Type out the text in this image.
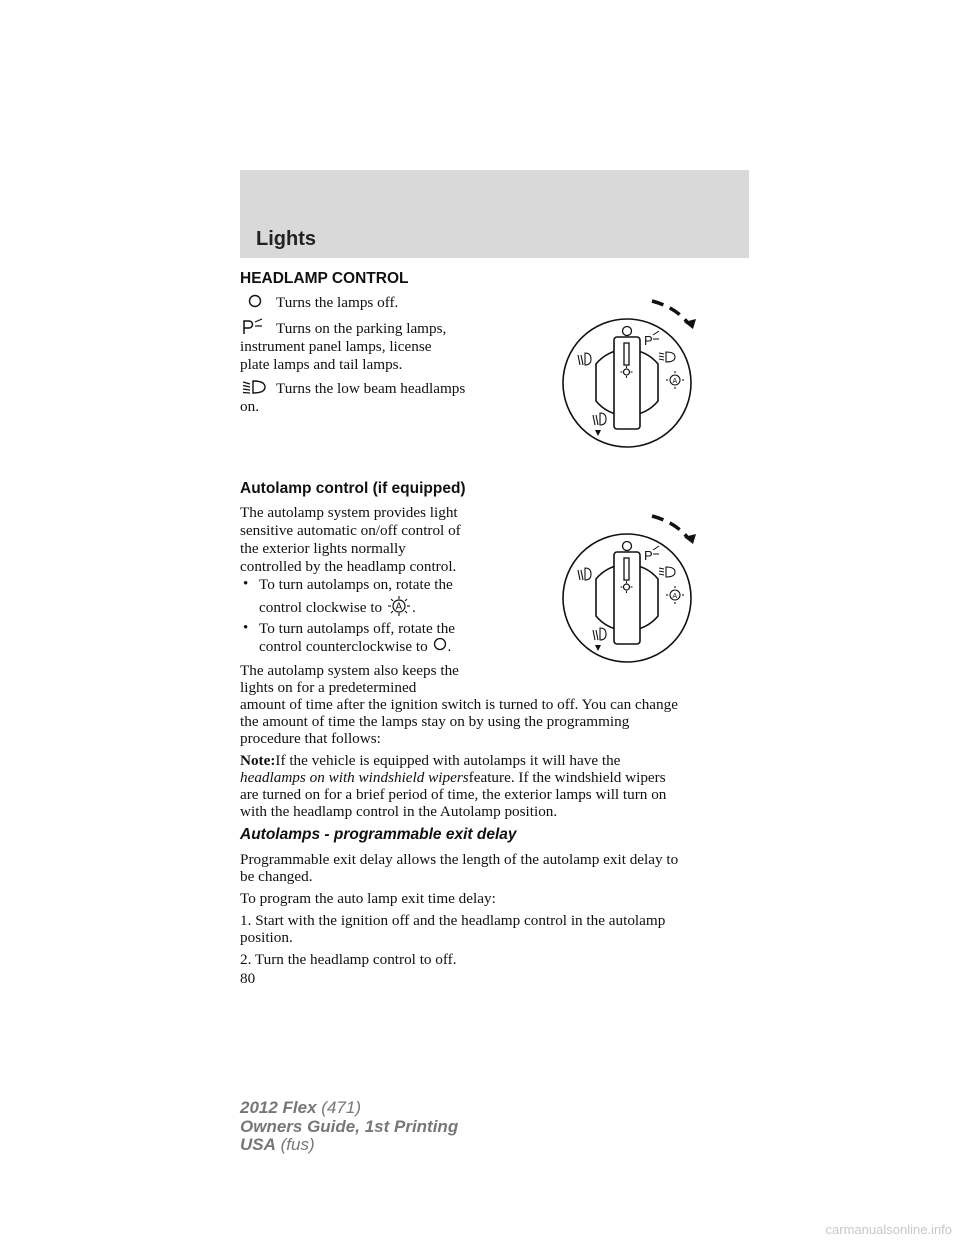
Lights
HEADLAMP CONTROL
Turns the lamps off.
Turns on the parking lamps,
instrument panel lamps, license
plate lamps and tail lamps.
Turns the low beam headlamps
on.
P
A
Autolamp control (if equipped)
The autolamp system provides light
sensitive automatic on/off control of
the exterior lights normally
controlled by the headlamp control.
• To turn autolamps on, rotate the
control clockwise to A .
• To turn autolamps off, rotate the
control counterclockwise to .
The autolamp system also keeps the
lights on for a predetermined
amount of time after the ignition switch is turned to off. You can change
the amount of time the lamps stay on by using the programming
procedure that follows:
Note:If the vehicle is equipped with autolamps it will have the
headlamps on with windshield wipersfeature. If the windshield wipers
are turned on for a brief period of time, the exterior lamps will turn on
with the headlamp control in the Autolamp position.
P
A
Autolamps - programmable exit delay
Programmable exit delay allows the length of the autolamp exit delay to
be changed.
To program the auto lamp exit time delay:
1. Start with the ignition off and the headlamp control in the autolamp
position.
2. Turn the headlamp control to off.
80
2012 Flex (471)
Owners Guide, 1st Printing
USA (fus)
carmanualsonline.info
